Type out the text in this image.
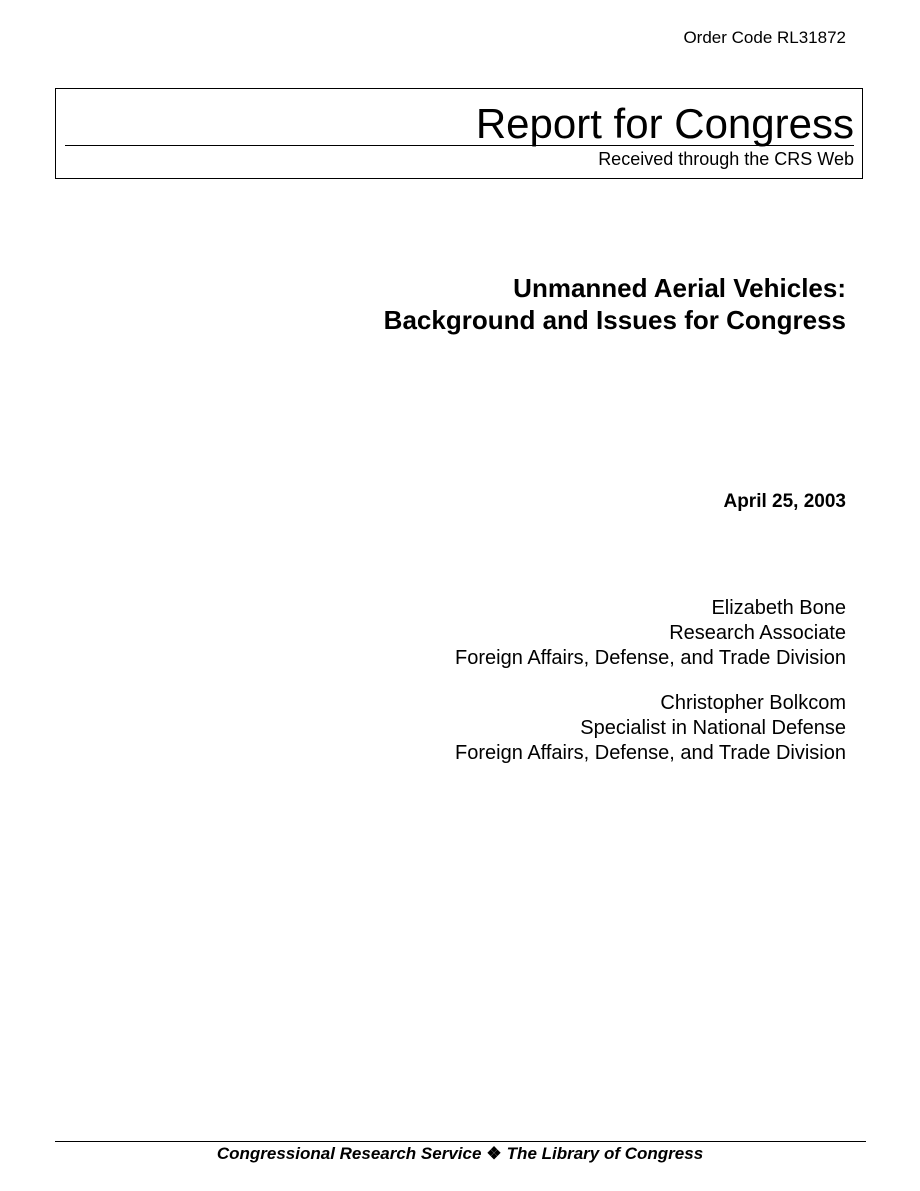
Order Code RL31872
Report for Congress
Received through the CRS Web
Unmanned Aerial Vehicles:
Background and Issues for Congress
April 25, 2003
Elizabeth Bone
Research Associate
Foreign Affairs, Defense, and Trade Division
Christopher Bolkcom
Specialist in National Defense
Foreign Affairs, Defense, and Trade Division
Congressional Research Service ❖ The Library of Congress
